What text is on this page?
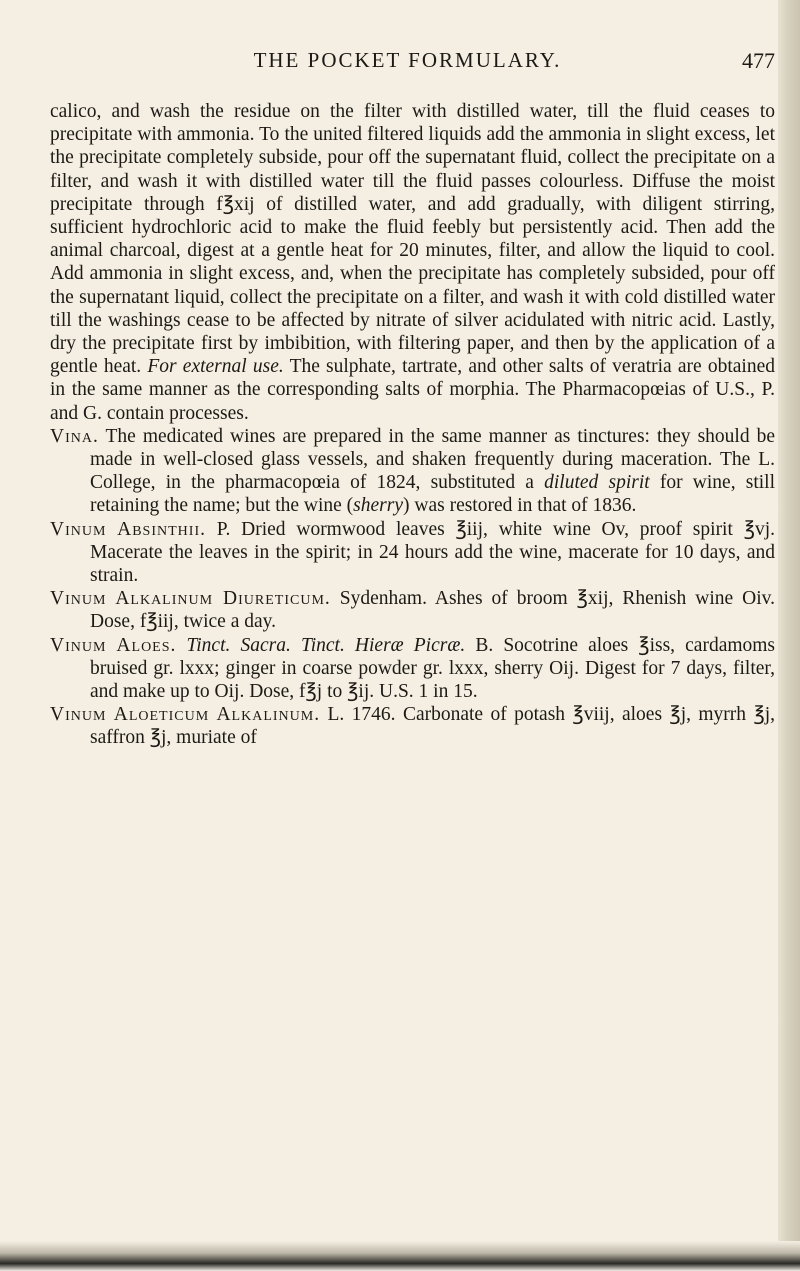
THE POCKET FORMULARY.	477

calico, and wash the residue on the filter with distilled water, till the fluid ceases to precipitate with ammonia. To the united filtered liquids add the ammonia in slight excess, let the precipitate completely subside, pour off the supernatant fluid, collect the precipitate on a filter, and wash it with distilled water till the fluid passes colourless. Diffuse the moist precipitate through f℥xij of distilled water, and add gradually, with diligent stirring, sufficient hydrochloric acid to make the fluid feebly but persistently acid. Then add the animal charcoal, digest at a gentle heat for 20 minutes, filter, and allow the liquid to cool. Add ammonia in slight excess, and, when the precipitate has completely subsided, pour off the supernatant liquid, collect the precipitate on a filter, and wash it with cold distilled water till the washings cease to be affected by nitrate of silver acidulated with nitric acid. Lastly, dry the precipitate first by imbibition, with filtering paper, and then by the application of a gentle heat. For external use. The sulphate, tartrate, and other salts of veratria are obtained in the same manner as the corresponding salts of morphia. The Pharmacopœias of U.S., P. and G. contain processes.

Vina. The medicated wines are prepared in the same manner as tinctures: they should be made in well-closed glass vessels, and shaken frequently during maceration. The L. College, in the pharmacopœia of 1824, substituted a diluted spirit for wine, still retaining the name; but the wine (sherry) was restored in that of 1836.

Vinum Absinthii. P. Dried wormwood leaves ℥iij, white wine Ov, proof spirit ℥vj. Macerate the leaves in the spirit; in 24 hours add the wine, macerate for 10 days, and strain.

Vinum Alkalinum Diureticum. Sydenham. Ashes of broom ℥xij, Rhenish wine Oiv. Dose, f℥iij, twice a day.

Vinum Aloes. Tinct. Sacra. Tinct. Hieræ Picræ. B. Socotrine aloes ℥iss, cardamoms bruised gr. lxxx; ginger in coarse powder gr. lxxx, sherry Oij. Digest for 7 days, filter, and make up to Oij. Dose, f℥j to ℥ij. U.S. 1 in 15.

Vinum Aloeticum Alkalinum. L. 1746. Carbonate of potash ℥viij, aloes ℥j, myrrh ℥j, saffron ℥j, muriate of
